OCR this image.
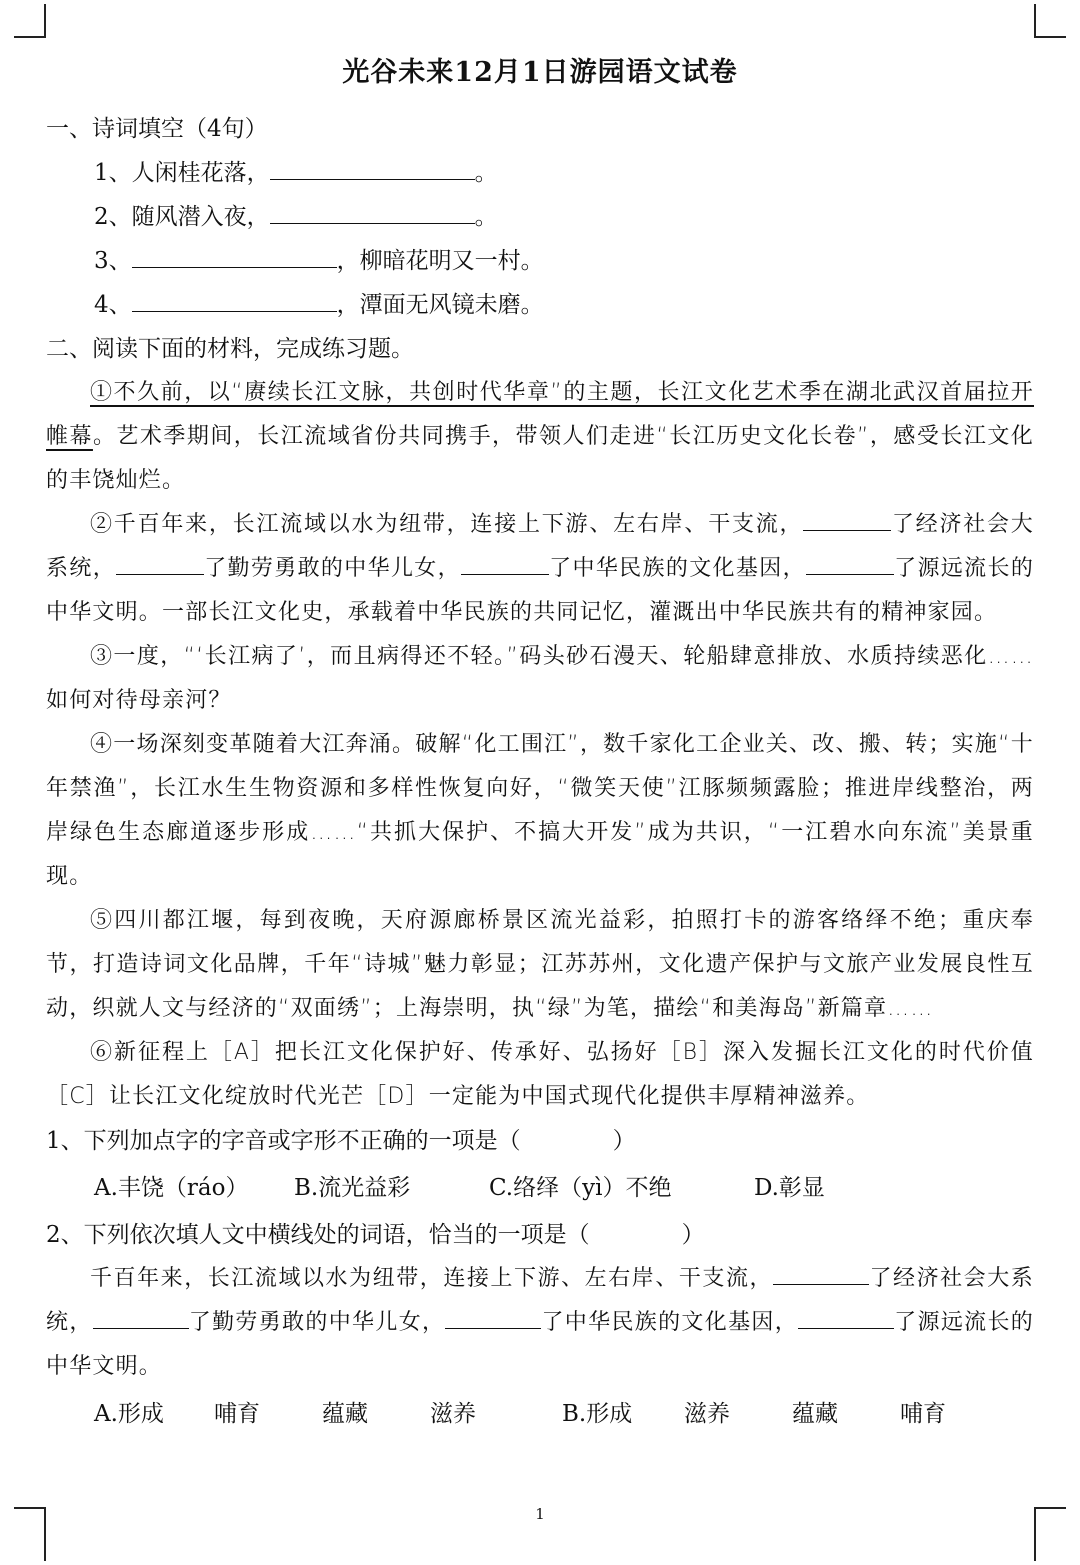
光谷未来12月1日游园语文试卷

一、诗词填空（4句）

1、人闲桂花落，	。

2、随风潜入夜，	。

3、	，柳暗花明又一村。

4、	，潭面无风镜未磨。

二、阅读下面的材料，完成练习题。

①不久前，以“赓续长江文脉，共创时代华章”的主题，长江文化艺术季在湖北武汉首届拉开帷幕。艺术季期间，长江流域省份共同携手，带领人们走进“长江历史文化长卷”，感受长江文化的丰饶灿烂。

②千百年来，长江流域以水为纽带，连接上下游、左右岸、干支流，	了经济社会大系统，	了勤劳勇敢的中华儿女，	了中华民族的文化基因，	了源远流长的中华文明。一部长江文化史，承载着中华民族的共同记忆，灌溉出中华民族共有的精神家园。

③一度，“‘长江病了’，而且病得还不轻。”码头砂石漫天、轮船肆意排放、水质持续恶化……如何对待母亲河？

④一场深刻变革随着大江奔涌。破解“化工围江”，数千家化工企业关、改、搬、转；实施“十年禁渔”，长江水生生物资源和多样性恢复向好，“微笑天使”江豚频频露脸；推进岸线整治，两岸绿色生态廊道逐步形成……“共抓大保护、不搞大开发”成为共识，“一江碧水向东流”美景重现。

⑤四川都江堰，每到夜晚，天府源廊桥景区流光益彩，拍照打卡的游客络绎不绝；重庆奉节，打造诗词文化品牌，千年“诗城”魅力彰显；江苏苏州，文化遗产保护与文旅产业发展良性互动，织就人文与经济的“双面绣”；上海崇明，执“绿”为笔，描绘“和美海岛”新篇章……

⑥新征程上［A］把长江文化保护好、传承好、弘扬好［B］深入发掘长江文化的时代价值［C］让长江文化绽放时代光芒［D］一定能为中国式现代化提供丰厚精神滋养。

1、下列加点字的字音或字形不正确的一项是（　　　　）

A.丰饶（ráo） B.流光益彩	C.络绎（yì）不绝	D.彰显

2、下列依次填人文中横线处的词语，恰当的一项是（　　　　）

千百年来，长江流域以水为纽带，连接上下游、左右岸、干支流，	了经济社会大系统，	了勤劳勇敢的中华儿女，	了中华民族的文化基因，	了源远流长的中华文明。

A.形成 哺育	蕴藏	滋养	B.形成 滋养	蕴藏	哺育

1
